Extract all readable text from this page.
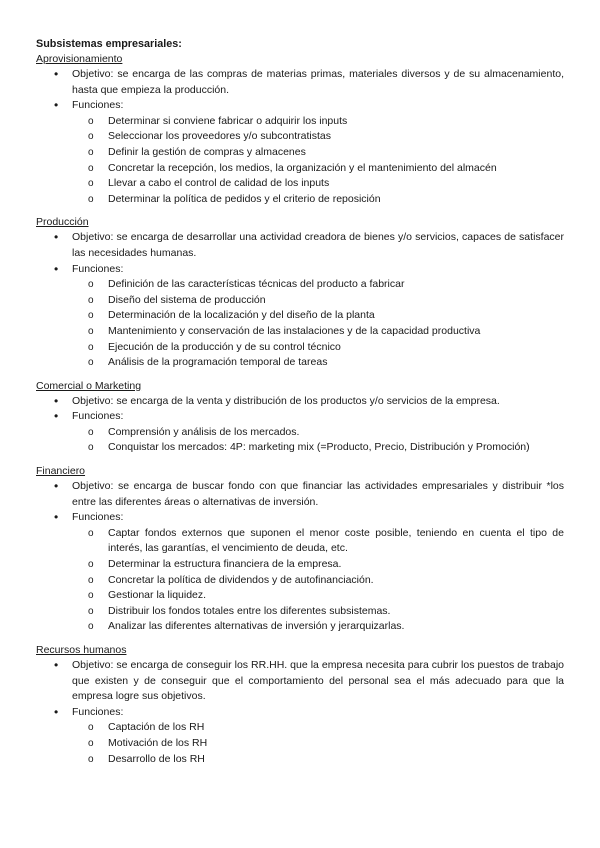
Subsistemas empresariales:
Aprovisionamiento
• Objetivo: se encarga de las compras de materias primas, materiales diversos y de su almacenamiento, hasta que empieza la producción.
• Funciones:
o Determinar si conviene fabricar o adquirir los inputs
o Seleccionar los proveedores y/o subcontratistas
o Definir la gestión de compras y almacenes
o Concretar la recepción, los medios, la organización y el mantenimiento del almacén
o Llevar a cabo el control de calidad de los inputs
o Determinar la política de pedidos y el criterio de reposición
Producción
• Objetivo: se encarga de desarrollar una actividad creadora de bienes y/o servicios, capaces de satisfacer las necesidades humanas.
• Funciones:
o Definición de las características técnicas del producto a fabricar
o Diseño del sistema de producción
o Determinación de la localización y del diseño de la planta
o Mantenimiento y conservación de las instalaciones y de la capacidad productiva
o Ejecución de la producción y de su control técnico
o Análisis de la programación temporal de tareas
Comercial o Marketing
• Objetivo: se encarga de la venta y distribución de los productos y/o servicios de la empresa.
• Funciones:
o Comprensión y análisis de los mercados.
o Conquistar los mercados: 4P: marketing mix (=Producto, Precio, Distribución y Promoción)
Financiero
• Objetivo: se encarga de buscar fondo con que financiar las actividades empresariales y distribuir *los entre las diferentes áreas o alternativas de inversión.
• Funciones:
o Captar fondos externos que suponen el menor coste posible, teniendo en cuenta el tipo de interés, las garantías, el vencimiento de deuda, etc.
o Determinar la estructura financiera de la empresa.
o Concretar la política de dividendos y de autofinanciación.
o Gestionar la liquidez.
o Distribuir los fondos totales entre los diferentes subsistemas.
o Analizar las diferentes alternativas de inversión y jerarquizarlas.
Recursos humanos
• Objetivo: se encarga de conseguir los RR.HH. que la empresa necesita para cubrir los puestos de trabajo que existen y de conseguir que el comportamiento del personal sea el más adecuado para que la empresa logre sus objetivos.
• Funciones:
o Captación de los RH
o Motivación de los RH
o Desarrollo de los RH
